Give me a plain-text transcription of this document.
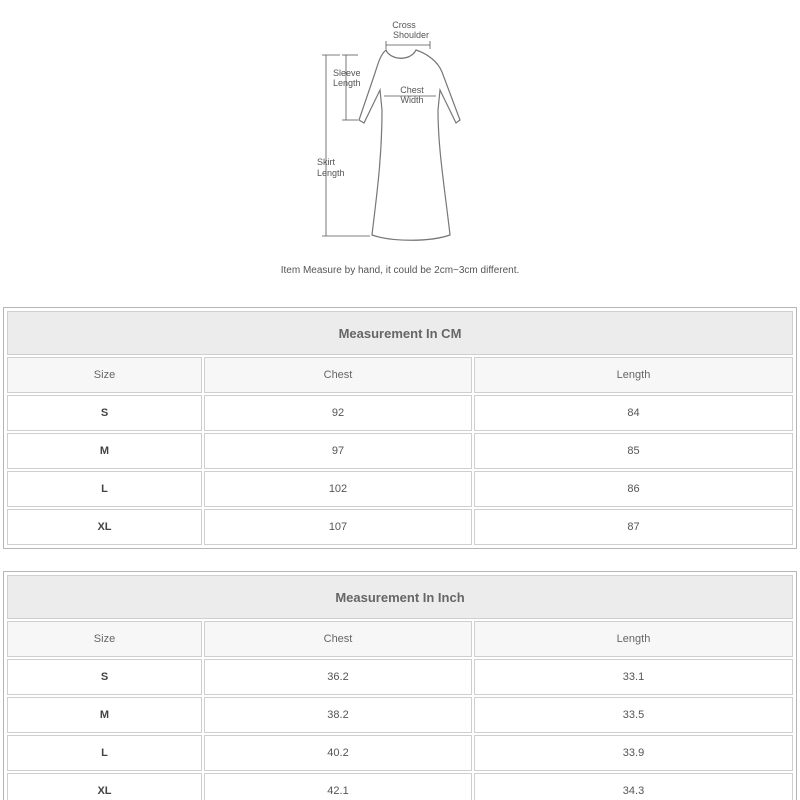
Cross
Shoulder
Sleeve
Length
Chest
Width
Skirt
Length
Item Measure by hand, it could be 2cm~3cm different.
Measurement In CM		
Size	Chest	Length
S	92	84
M	97	85
L	102	86
XL	107	87
Measurement In Inch		
Size	Chest	Length
S	36.2	33.1
M	38.2	33.5
L	40.2	33.9
XL	42.1	34.3
